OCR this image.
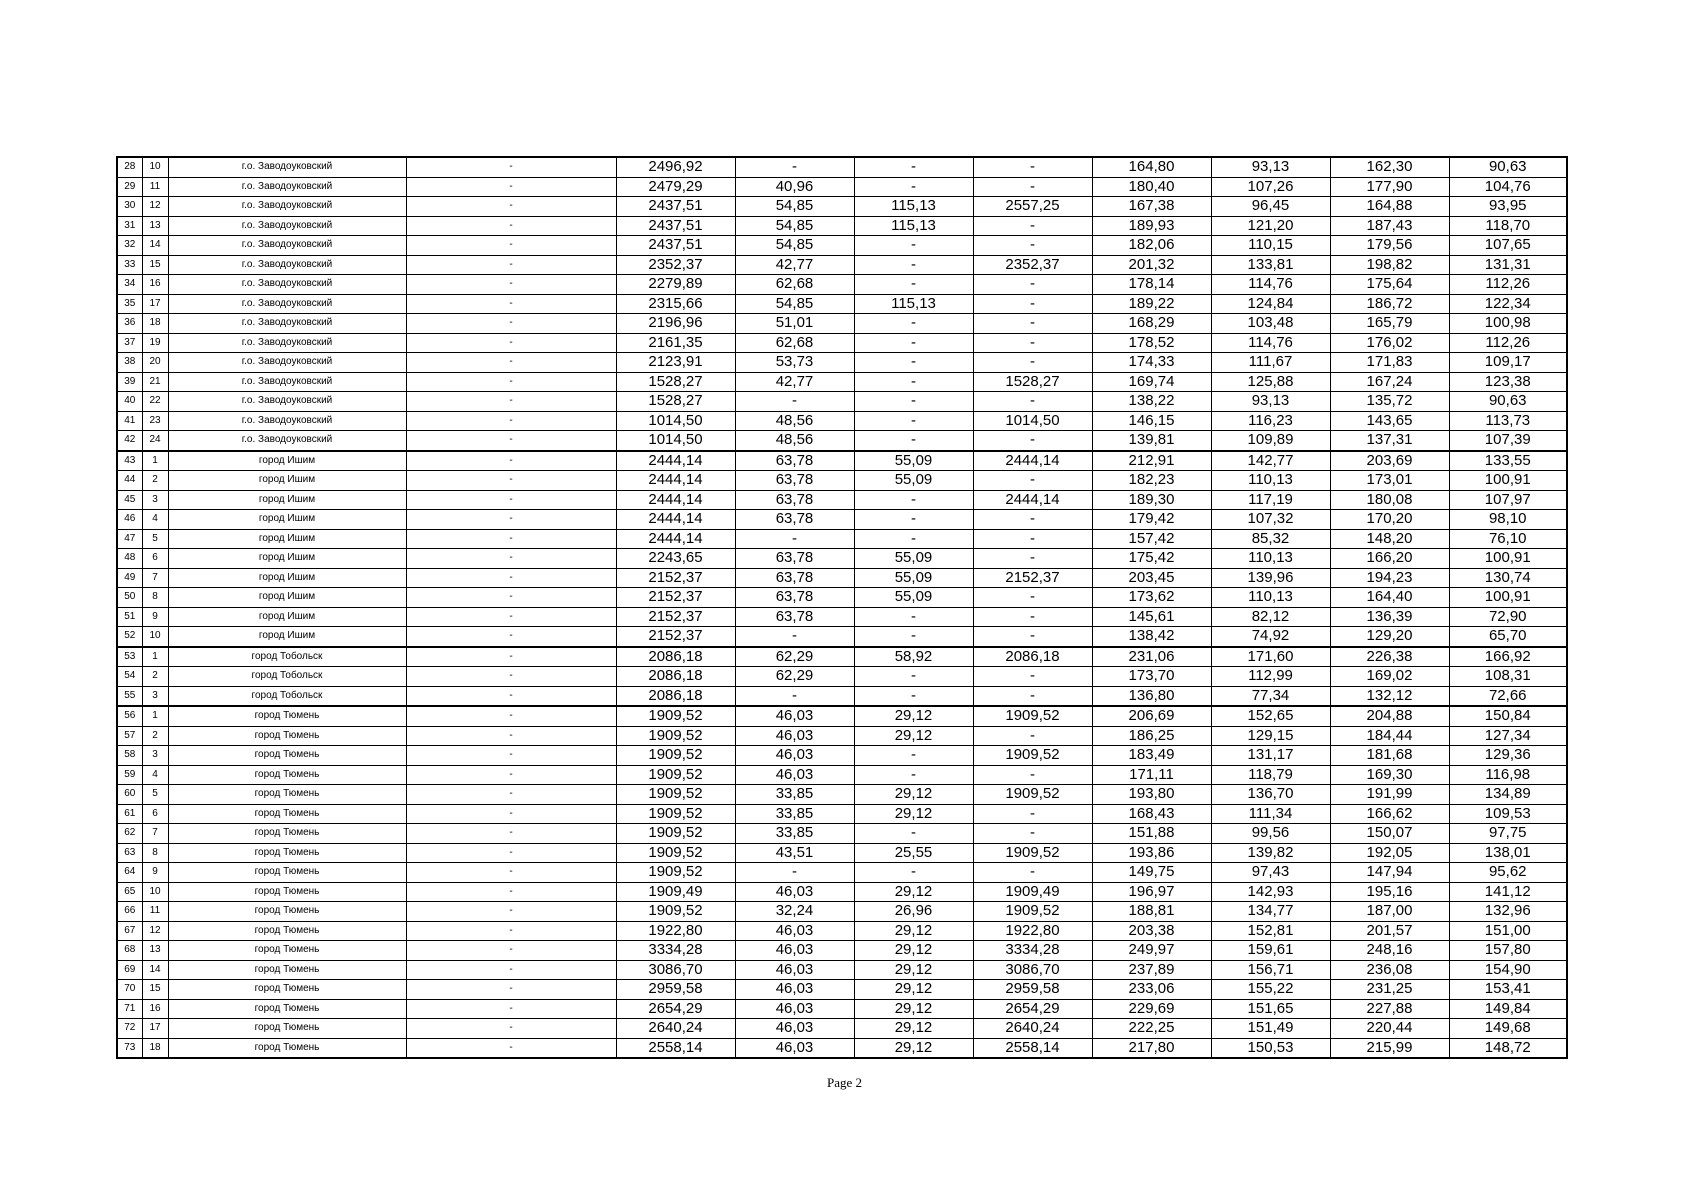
28	10	г.о. Заводоуковский	-	2496,92	-	-	-	164,80	93,13	162,30	90,63
29	11	г.о. Заводоуковский	-	2479,29	40,96	-	-	180,40	107,26	177,90	104,76
30	12	г.о. Заводоуковский	-	2437,51	54,85	115,13	2557,25	167,38	96,45	164,88	93,95
31	13	г.о. Заводоуковский	-	2437,51	54,85	115,13	-	189,93	121,20	187,43	118,70
32	14	г.о. Заводоуковский	-	2437,51	54,85	-	-	182,06	110,15	179,56	107,65
33	15	г.о. Заводоуковский	-	2352,37	42,77	-	2352,37	201,32	133,81	198,82	131,31
34	16	г.о. Заводоуковский	-	2279,89	62,68	-	-	178,14	114,76	175,64	112,26
35	17	г.о. Заводоуковский	-	2315,66	54,85	115,13	-	189,22	124,84	186,72	122,34
36	18	г.о. Заводоуковский	-	2196,96	51,01	-	-	168,29	103,48	165,79	100,98
37	19	г.о. Заводоуковский	-	2161,35	62,68	-	-	178,52	114,76	176,02	112,26
38	20	г.о. Заводоуковский	-	2123,91	53,73	-	-	174,33	111,67	171,83	109,17
39	21	г.о. Заводоуковский	-	1528,27	42,77	-	1528,27	169,74	125,88	167,24	123,38
40	22	г.о. Заводоуковский	-	1528,27	-	-	-	138,22	93,13	135,72	90,63
41	23	г.о. Заводоуковский	-	1014,50	48,56	-	1014,50	146,15	116,23	143,65	113,73
42	24	г.о. Заводоуковский	-	1014,50	48,56	-	-	139,81	109,89	137,31	107,39
43	1	город Ишим	-	2444,14	63,78	55,09	2444,14	212,91	142,77	203,69	133,55
44	2	город Ишим	-	2444,14	63,78	55,09	-	182,23	110,13	173,01	100,91
45	3	город Ишим	-	2444,14	63,78	-	2444,14	189,30	117,19	180,08	107,97
46	4	город Ишим	-	2444,14	63,78	-	-	179,42	107,32	170,20	98,10
47	5	город Ишим	-	2444,14	-	-	-	157,42	85,32	148,20	76,10
48	6	город Ишим	-	2243,65	63,78	55,09	-	175,42	110,13	166,20	100,91
49	7	город Ишим	-	2152,37	63,78	55,09	2152,37	203,45	139,96	194,23	130,74
50	8	город Ишим	-	2152,37	63,78	55,09	-	173,62	110,13	164,40	100,91
51	9	город Ишим	-	2152,37	63,78	-	-	145,61	82,12	136,39	72,90
52	10	город Ишим	-	2152,37	-	-	-	138,42	74,92	129,20	65,70
53	1	город Тобольск	-	2086,18	62,29	58,92	2086,18	231,06	171,60	226,38	166,92
54	2	город Тобольск	-	2086,18	62,29	-	-	173,70	112,99	169,02	108,31
55	3	город Тобольск	-	2086,18	-	-	-	136,80	77,34	132,12	72,66
56	1	город Тюмень	-	1909,52	46,03	29,12	1909,52	206,69	152,65	204,88	150,84
57	2	город Тюмень	-	1909,52	46,03	29,12	-	186,25	129,15	184,44	127,34
58	3	город Тюмень	-	1909,52	46,03	-	1909,52	183,49	131,17	181,68	129,36
59	4	город Тюмень	-	1909,52	46,03	-	-	171,11	118,79	169,30	116,98
60	5	город Тюмень	-	1909,52	33,85	29,12	1909,52	193,80	136,70	191,99	134,89
61	6	город Тюмень	-	1909,52	33,85	29,12	-	168,43	111,34	166,62	109,53
62	7	город Тюмень	-	1909,52	33,85	-	-	151,88	99,56	150,07	97,75
63	8	город Тюмень	-	1909,52	43,51	25,55	1909,52	193,86	139,82	192,05	138,01
64	9	город Тюмень	-	1909,52	-	-	-	149,75	97,43	147,94	95,62
65	10	город Тюмень	-	1909,49	46,03	29,12	1909,49	196,97	142,93	195,16	141,12
66	11	город Тюмень	-	1909,52	32,24	26,96	1909,52	188,81	134,77	187,00	132,96
67	12	город Тюмень	-	1922,80	46,03	29,12	1922,80	203,38	152,81	201,57	151,00
68	13	город Тюмень	-	3334,28	46,03	29,12	3334,28	249,97	159,61	248,16	157,80
69	14	город Тюмень	-	3086,70	46,03	29,12	3086,70	237,89	156,71	236,08	154,90
70	15	город Тюмень	-	2959,58	46,03	29,12	2959,58	233,06	155,22	231,25	153,41
71	16	город Тюмень	-	2654,29	46,03	29,12	2654,29	229,69	151,65	227,88	149,84
72	17	город Тюмень	-	2640,24	46,03	29,12	2640,24	222,25	151,49	220,44	149,68
73	18	город Тюмень	-	2558,14	46,03	29,12	2558,14	217,80	150,53	215,99	148,72
Page 2
